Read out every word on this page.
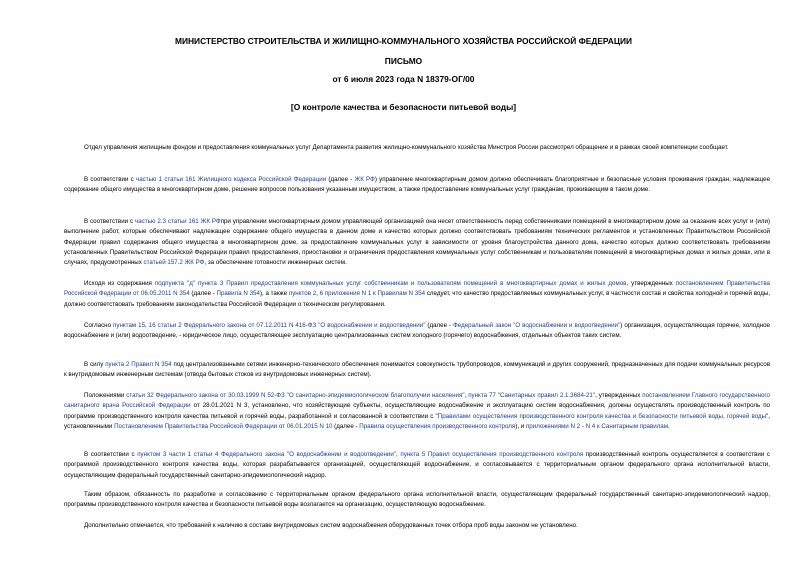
МИНИСТЕРСТВО СТРОИТЕЛЬСТВА И ЖИЛИЩНО-КОММУНАЛЬНОГО ХОЗЯЙСТВА РОССИЙСКОЙ ФЕДЕРАЦИИ
ПИСЬМО
от 6 июля 2023 года N 18379-ОГ/00
[О контроле качества и безопасности питьевой воды]

Отдел управления жилищным фондом и предоставления коммунальных услуг Департамента развития жилищно-коммунального хозяйства Минстроя России рассмотрел обращение и в рамках своей компетенции сообщает.

В соответствии с частью 1 статьи 161 Жилищного кодекса Российской Федерации (далее - ЖК РФ) управление многоквартирным домом должно обеспечивать благоприятные и безопасные условия проживания граждан, надлежащее содержание общего имущества в многоквартирном доме, решение вопросов пользования указанным имуществом, а также предоставление коммунальных услуг гражданам, проживающим в таком доме.

В соответствии с частью 2.3 статьи 161 ЖК РФпри управлении многоквартирным домом управляющей организацией она несет ответственность перед собственниками помещений в многоквартирном доме за оказание всех услуг и (или) выполнение работ, которые обеспечивают надлежащее содержание общего имущества в данном доме и качество которых должно соответствовать требованиям технических регламентов и установленных Правительством Российской Федерации правил содержания общего имущества в многоквартирном доме, за предоставление коммунальных услуг в зависимости от уровня благоустройства данного дома, качество которых должно соответствовать требованиям установленных Правительством Российской Федерации правил предоставления, приостановки и ограничения предоставления коммунальных услуг собственникам и пользователям помещений в многоквартирных домах и жилых домах, или в случаях, предусмотренных статьей 157.2 ЖК РФ, за обеспечение готовности инженерных систем.

Исходя из содержания подпункта "д" пункта 3 Правил предоставления коммунальных услуг собственникам и пользователям помещений в многоквартирных домах и жилых домов, утвержденных постановлением Правительства Российской Федерации от 06.05.2011 N 354 (далее - Правила N 354), а также пунктов 2, 6 приложения N 1 к Правилам N 354 следует, что качество предоставляемых коммунальных услуг, в частности состав и свойства холодной и горячей воды, должно соответствовать требованиям законодательства Российской Федерации о техническом регулировании.

Согласно пунктам 15, 16 статьи 2 Федерального закона от 07.12.2011 N 416-ФЗ "О водоснабжении и водоотведении" (далее - Федеральный закон "О водоснабжении и водоотведении") организация, осуществляющая горячее, холодное водоснабжение и (или) водоотведение, - юридическое лицо, осуществляющее эксплуатацию централизованных систем холодного (горячего) водоснабжения, отдельных объектов таких систем.

В силу пункта 2 Правил N 354 под централизованными сетями инженерно-технического обеспечения понимается совокупность трубопроводов, коммуникаций и других сооружений, предназначенных для подачи коммунальных ресурсов к внутридомовым инженерным системам (отвода бытовых стоков из внутридомовых инженерных систем).

Положениями статьи 32 Федерального закона от 30.03.1999 N 52-ФЗ "О санитарно-эпидемиологическом благополучии населения", пункта 77 "Санитарных правил 2.1.3684-21", утвержденных постановлением Главного государственного санитарного врача Российской Федерации от 28.01.2021 N 3, установлено, что хозяйствующие субъекты, осуществляющие водоснабжение и эксплуатацию систем водоснабжения, должны осуществлять производственный контроль по программе производственного контроля качества питьевой и горячей воды, разработанной и согласованной в соответствии с "Правилами осуществления производственного контроля качества и безопасности питьевой воды, горячей воды", установленными Постановлением Правительства Российской Федерации от 06.01.2015 N 10 (далее - Правила осуществления производственного контроля), и приложениями N 2 - N 4 к Санитарным правилам.

В соответствии с пунктом 3 части 1 статьи 4 Федерального закона "О водоснабжении и водоотведении", пункта 5 Правил осуществления производственного контроля производственный контроль осуществляется в соответствии с программой производственного контроля качества воды, которая разрабатывается организацией, осуществляющей водоснабжение, и согласовывается с территориальным органом федерального органа исполнительной власти, осуществляющим федеральный государственный санитарно-эпидемиологический надзор.

Таким образом, обязанность по разработке и согласованию с территориальным органом федерального органа исполнительной власти, осуществляющим федеральный государственный санитарно-эпидемиологический надзор, программы производственного контроля качества и безопасности питьевой воды возлагается на организацию, осуществляющую водоснабжение.

Дополнительно отмечается, что требований к наличию в составе внутридомовых систем водоснабжения оборудованных точек отбора проб воды законом не установлено.
